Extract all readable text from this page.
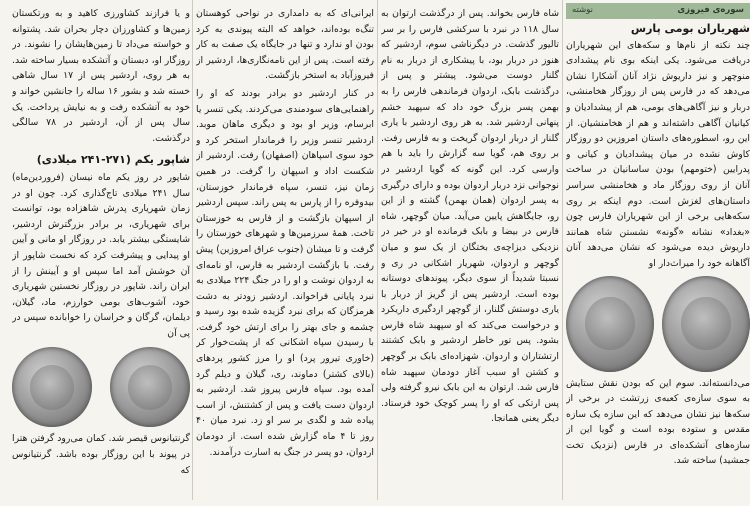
سوره‌ی فیروزی
نوشته
شهریاران بومی پارس

چند نکته از نام‌ها و سکه‌های این شهریاران دریافت می‌شود. یکی اینکه بوی نام پیشدادی منوچهر و نیز داریوش نژاد آنان آشکارا نشان می‌دهد که در فارس پس از روزگار هخامنشی، دربار و نیز آگاهی‌های بومی، هم از پیشدادیان و کیانیان آگاهی داشته‌اند و هم از هخامنشیان. از این رو، اسطوره‌های داستان امروزین دو روزگار کاوش نشده در میان پیشدادیان و کیانی و پدرایین (ختومهم) بودن ساسانیان در ساخت آنان از روی روزگار ماد و هخامنشی سراسر داستان‌های لغزش است. دوم اینکه بر روی سکه‌هایی برخی از این شهریاران فارس چون «بغداد» نشانه «گونه» نشستن شاه همانند داریوش دیده می‌شود که نشان می‌دهد آنان آگاهانه خود را میراث‌دار او

می‌دانسته‌اند. سوم این که بودن نقش ستایش به سوی سازه‌ی کعبه‌ی زرتشت در برخی از سکه‌ها نیز نشان می‌دهد که این سازه یک سازه مقدس و ستوده بوده است و گویا این از سازه‌های آتشکده‌ای در فارس (نزدیک تخت جمشید) ساخته شد.

شاه فارس بخواند. پس از درگذشت ارتوان به سال ۱۱۸ در نبرد با سرکشی فارس را بر سر تالیور گذشت. در دیگرناشی سوم، اردشیر که هنوز در دربار بود، با پیشکاری از دربار به نام گلنار دوست می‌شود. پیشتر و پس از درگذشت بابک، اردوان فرماندهی فارس را به بهمن پسر بزرگ خود داد که سپهبد خشم پنهانی اردشیر شد. به هر روی اردشیر با یاری گلنار از دربار اردوان گریخت و به فارس رفت. بر روی هم، گویا سه گزارش را باید با هم وارسی کرد. این گونه که گویا اردشیر در نوجوانی نزد دربار اردوان بوده و دارای درگیری به پسر اردوان (همان بهمن) گشته و از این رو، جایگاهش پایین می‌آید. میان گوچهر، شاه فارس در بیضا و بابک فرمانده او در خیر در نزدیکی دیزاچه‌ی بختگان از یک سو و میان گوچهر و اردوان، شهریار اشکانی در ری و نسبتا شدیداً از سوی دیگر، پیوندهای دوستانه بوده است. اردشیر پس از گریز از دربار با یاری دوستش گلنار، از گوچهر اردگیری داریکرد و درخواست می‌کند که او سپهبد شاه فارس بشود. پس تور خاطر اردشیر و بابک کشتند ارتشتاران و اردوان. شهزاده‌ای بابک بر گوچهر و کشتن او سبب آغاز دودمان سپهبد شاه فارس شد. ارتوان به این بابک نیرو گرفته ولی پس ارتکی که او را پسر کوچک خود فرستاد. دیگر یعنی همانجا.

ایرانی‌ای که به دامداری در نواحی کوهستان تنگ‌ه بوده‌اند، خواهد که البته پیوندی به کرد بودن او ندارد و تنها در جایگاه یک صفت به کار رفته است. پس از این نامه‌نگاری‌ها، اردشیر از فیروزآباد به استخر بازگشت.

در کنار اردشیر دو برادر بودند که او را راهنمایی‌های سودمندی می‌کردند. یکی تنسر یا ابرسام، وزیر او بود و دیگری ماهان موبد. اردشیر تنسر وزیر را فرماندار استخر کرد و خود سوی اسپاهان (اصفهان) رفت. اردشیر از شکست اداد و اسپهان را گرفت. در همین زمان نیز، تنسر، سپاه فرماندار خوزستان، بیدوفره را از پارس به پس راند. سپس اردشیر از اسپهان بازگشت و از فارس به خوزستان تاخت. همهٔ سرزمین‌ها و شهرهای خوزستان را گرفت و تا میشان (جنوب عراق امروزین) پیش رفت. با بازگشت اردشیر به فارس، او نامه‌ای به اردوان نوشت و او را در جنگ ۲۲۴ میلادی به نبرد پایانی فراخواند. اردشیر زودتر به دشت هرمزگان که برای نبرد گزیده شده بود رسید و چشمه و جای بهتر را برای ارتش خود گرفت. با رسیدن سپاه اشکانی که از پشت‌خوار کر (خاوری تیرور پرد) او را مرز کشور پردهای (بالای کشتر) دماوند، ری، گیلان و دیلم گرد آمده بود. سپاه فارس پیروز شد. اردشیر به اردوان دست یافت و پس از کشتنش، از اسب پیاده شد و لگدی بر سر او زد. نبرد میان ۴۰ روز تا ۴ ماه گزارش شده است. از دودمان اردوان، دو پسر در جنگ به اسارت درآمدند.

و یا فرازند کشاورزی کاهید و به ورتکستان زمین‌ها و کشاورزان دچار بحران شد. پشتوانه و خواسته می‌داد تا زمین‌هایشان را نشوند. در روزگار او، دبستان و آتشکده بسیار ساخته شد. به هر روی، اردشیر پس از ۱۷ سال شاهی خسته شد و بشور ۱۶ ساله را جانشین خواند و خود به آتشکده رفت و به نیایش پرداخت. یک سال پس از آن، اردشیر در ۷۸ سالگی درگذشت.

شاپور یکم (۲۷۱-۲۴۱ میلادی)

شاپور در روز یکم ماه نیسان (فروردین‌ماه) سال ۲۴۱ میلادی تاج‌گذاری کرد. چون او در زمان شهریاری پدرش شاهزاده بود، توانست برای شهریاری، بر برادر بزرگترش اردشیر، شایستگی بیشتر یابد. در روزگار او مانی و آیین او پیدایی و پیشرفت کرد که نخست شاپور از آن خوشش آمد اما سپس او و آیینش را از ایران راند. شاپور در روزگار نخستین شهریاری خود، آشوب‌های بومی خوارزم، ماد، گیلان، دیلمان، گرگان و خراسان را خوابانده سپس در پی آن

گرنتیانوس قیصر شد. کمان می‌رود گرفتن هترا در پیوند با این روزگار بوده باشد. گرنتیانوس که
